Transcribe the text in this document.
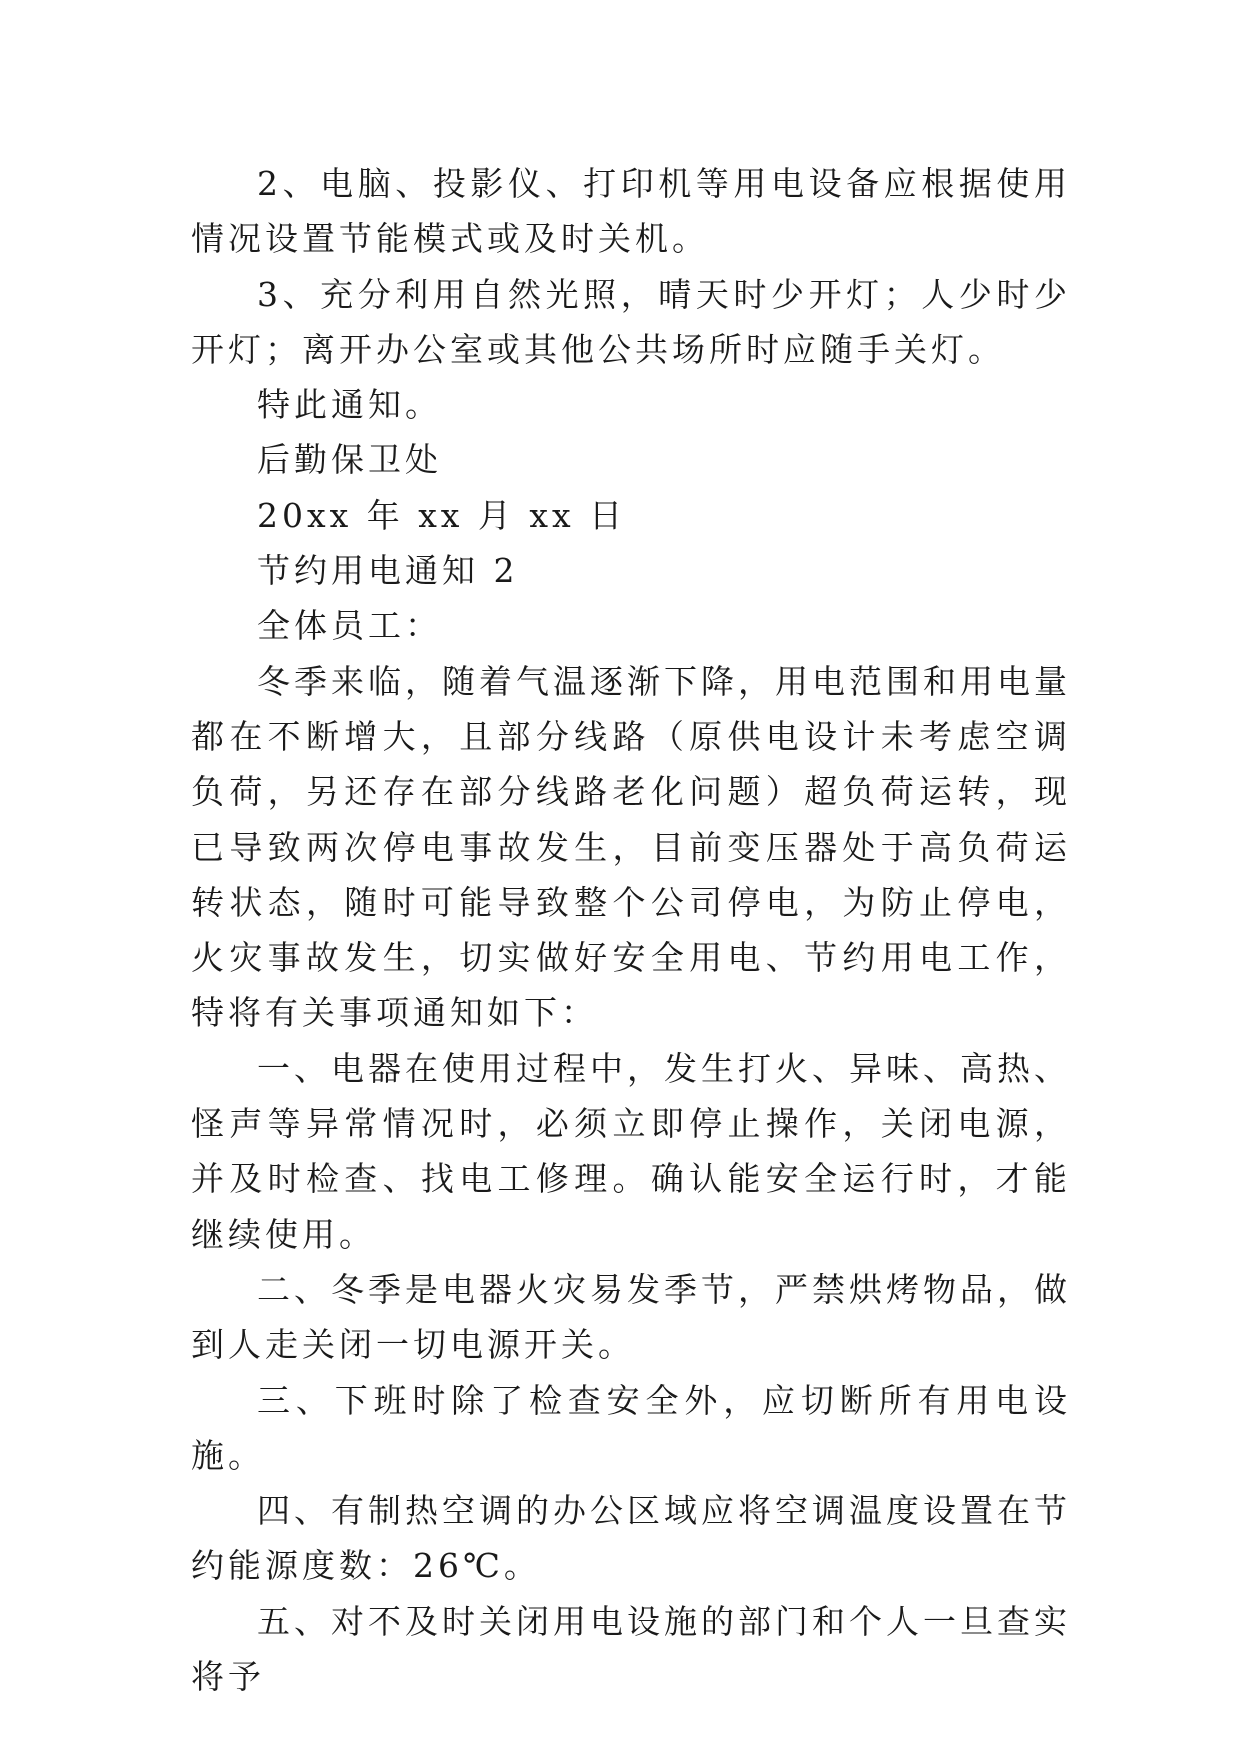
2、电脑、投影仪、打印机等用电设备应根据使用情况设置节能模式或及时关机。

3、充分利用自然光照，晴天时少开灯；人少时少开灯；离开办公室或其他公共场所时应随手关灯。

特此通知。

后勤保卫处

20xx 年 xx 月 xx 日

节约用电通知 2

全体员工：

冬季来临，随着气温逐渐下降，用电范围和用电量都在不断增大，且部分线路（原供电设计未考虑空调负荷，另还存在部分线路老化问题）超负荷运转，现已导致两次停电事故发生，目前变压器处于高负荷运转状态，随时可能导致整个公司停电，为防止停电，火灾事故发生，切实做好安全用电、节约用电工作，特将有关事项通知如下：

一、电器在使用过程中，发生打火、异味、高热、怪声等异常情况时，必须立即停止操作，关闭电源，并及时检查、找电工修理。确认能安全运行时，才能继续使用。

二、冬季是电器火灾易发季节，严禁烘烤物品，做到人走关闭一切电源开关。

三、下班时除了检查安全外，应切断所有用电设施。

四、有制热空调的办公区域应将空调温度设置在节约能源度数：26℃。

五、对不及时关闭用电设施的部门和个人一旦查实将予
